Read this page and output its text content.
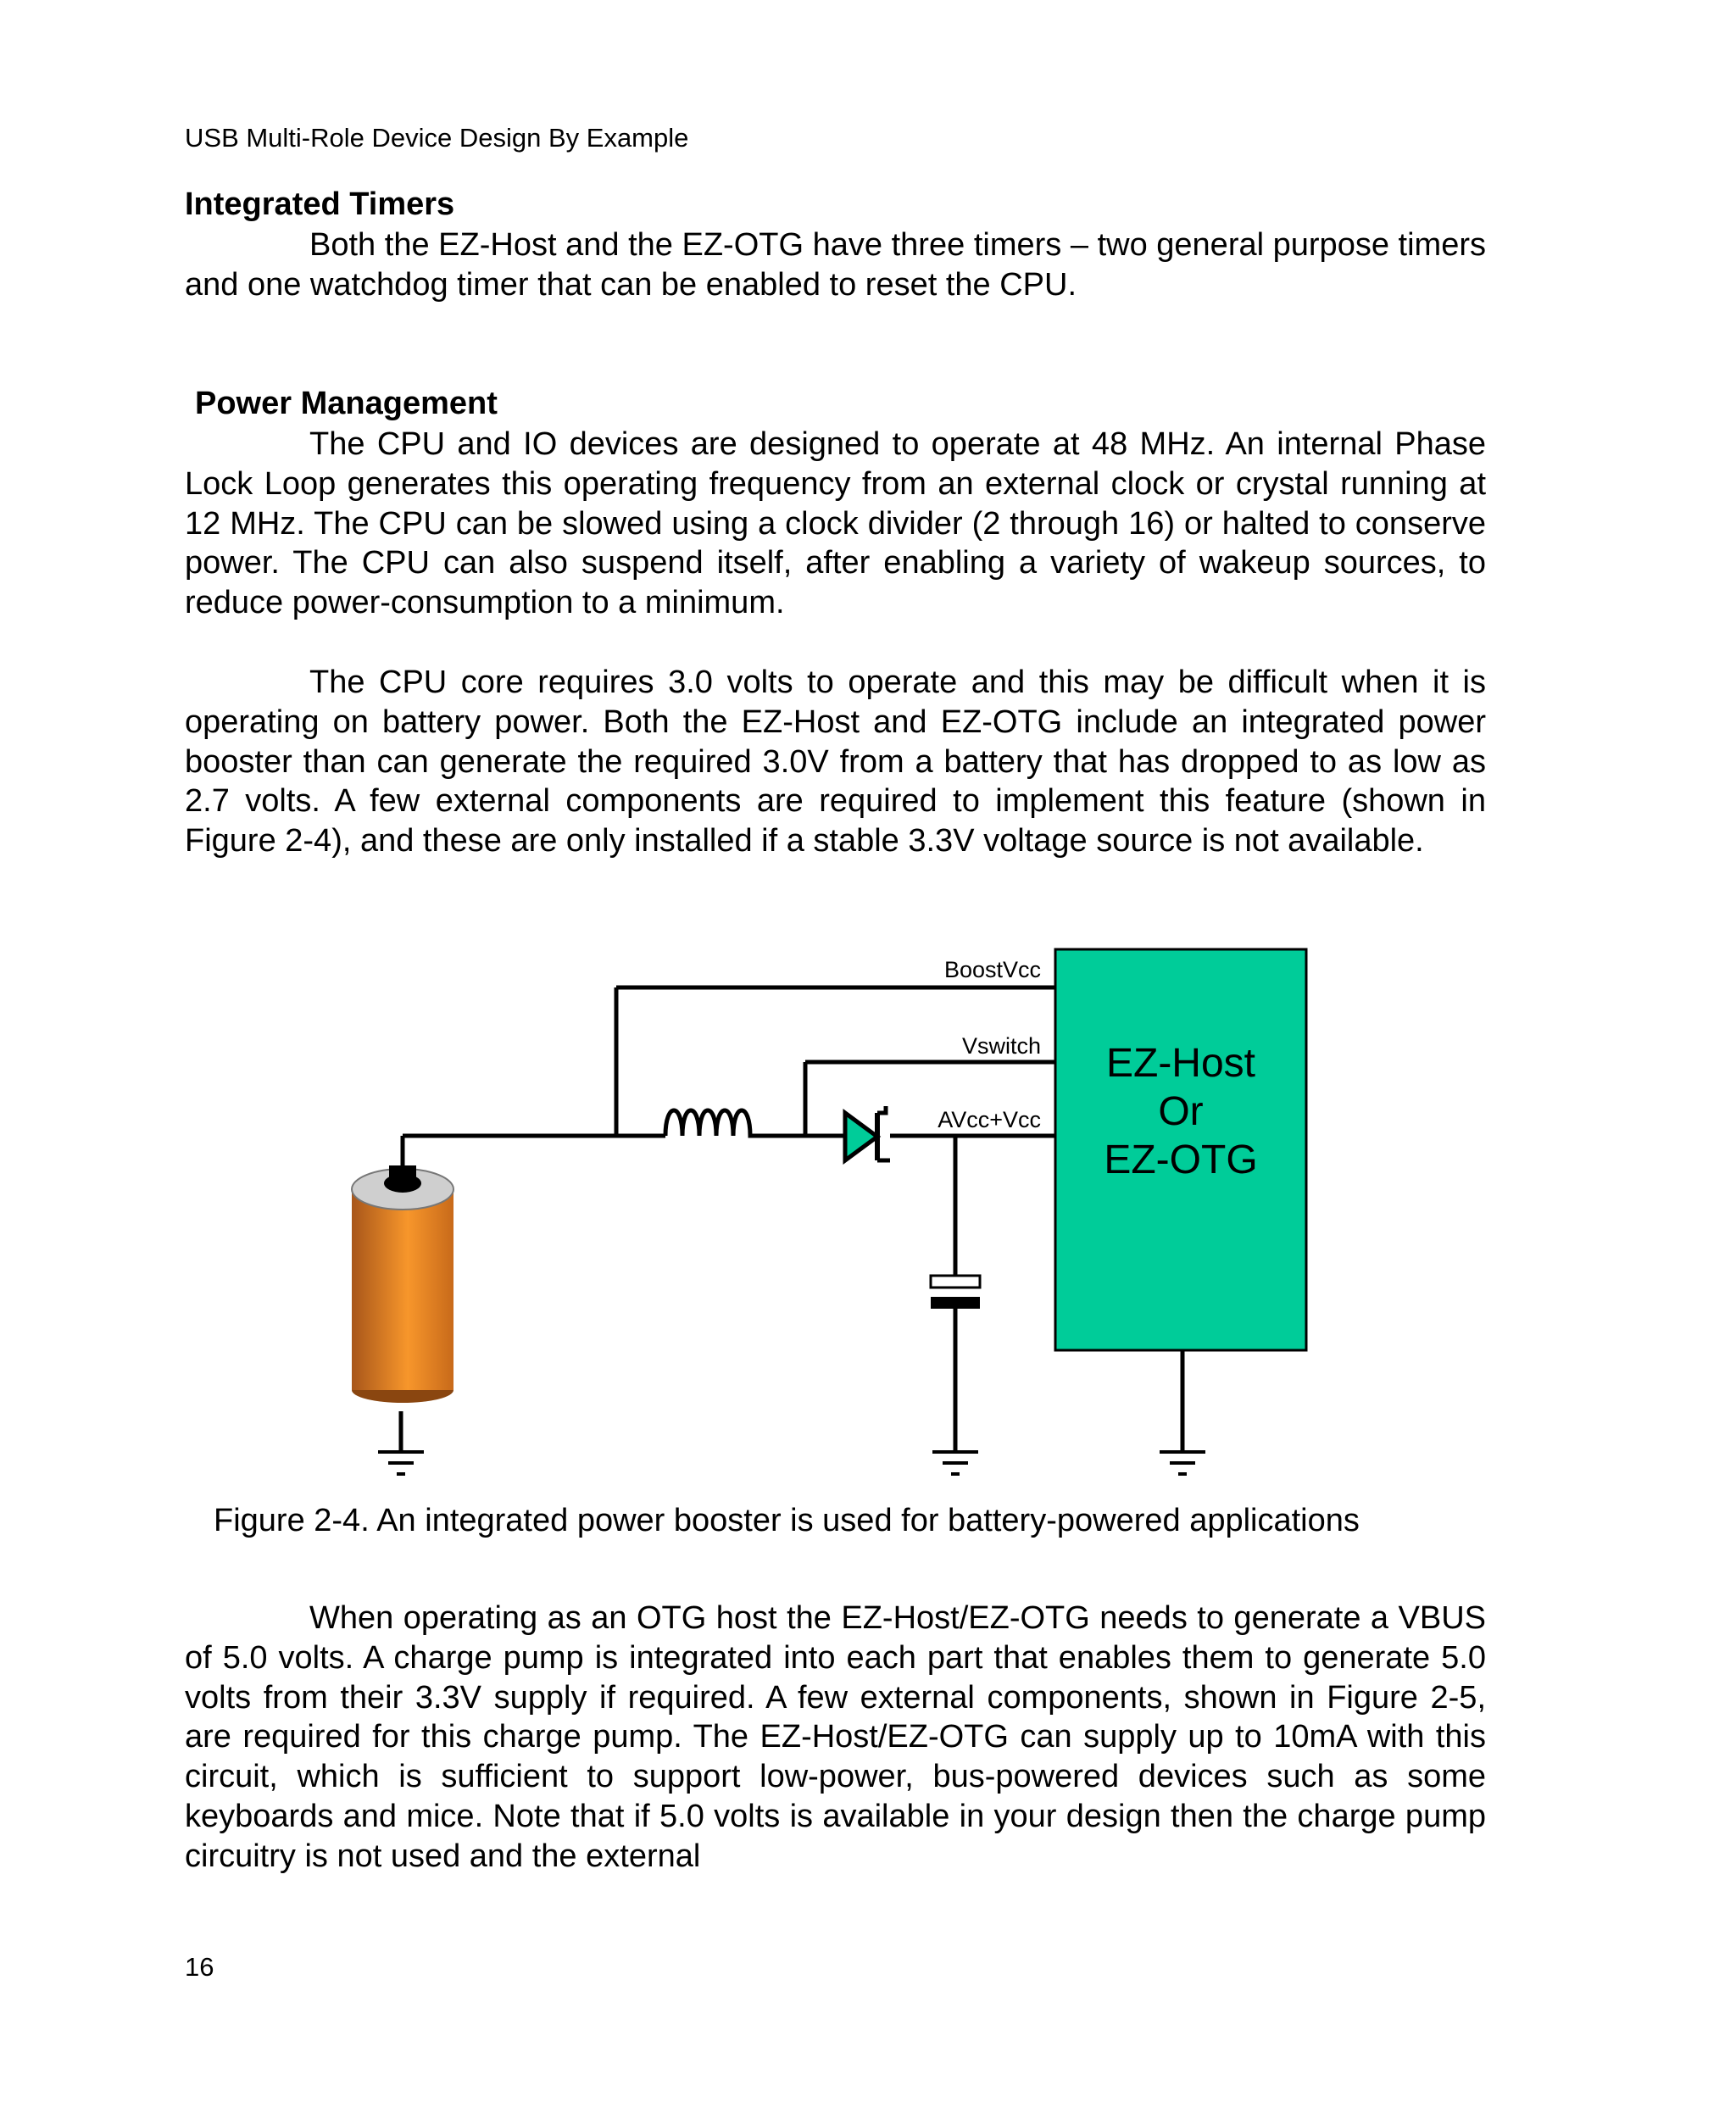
USB Multi-Role Device Design By Example
Integrated Timers

Both the EZ-Host and the EZ-OTG have three timers – two general purpose timers and one watchdog timer that can be enabled to reset the CPU.

Power Management

The CPU and IO devices are designed to operate at 48 MHz. An internal Phase Lock Loop generates this operating frequency from an external clock or crystal running at 12 MHz. The CPU can be slowed using a clock divider (2 through 16) or halted to conserve power. The CPU can also suspend itself, after enabling a variety of wakeup sources, to reduce power-consumption to a minimum.

The CPU core requires 3.0 volts to operate and this may be difficult when it is operating on battery power. Both the EZ-Host and EZ-OTG include an integrated power booster than can generate the required 3.0V from a battery that has dropped to as low as 2.7 volts. A few external components are required to implement this feature (shown in Figure 2-4), and these are only installed if a stable 3.3V voltage source is not available.

EZ-Host
Or
EZ-OTG
BoostVcc
Vswitch
AVcc+Vcc
Figure 2-4. An integrated power booster is used for battery-powered applications

When operating as an OTG host the EZ-Host/EZ-OTG needs to generate a VBUS of 5.0 volts. A charge pump is integrated into each part that enables them to generate 5.0 volts from their 3.3V supply if required. A few external components, shown in Figure 2-5, are required for this charge pump. The EZ-Host/EZ-OTG can supply up to 10mA with this circuit, which is sufficient to support low-power, bus-powered devices such as some keyboards and mice. Note that if 5.0 volts is available in your design then the charge pump circuitry is not used and the external

16
